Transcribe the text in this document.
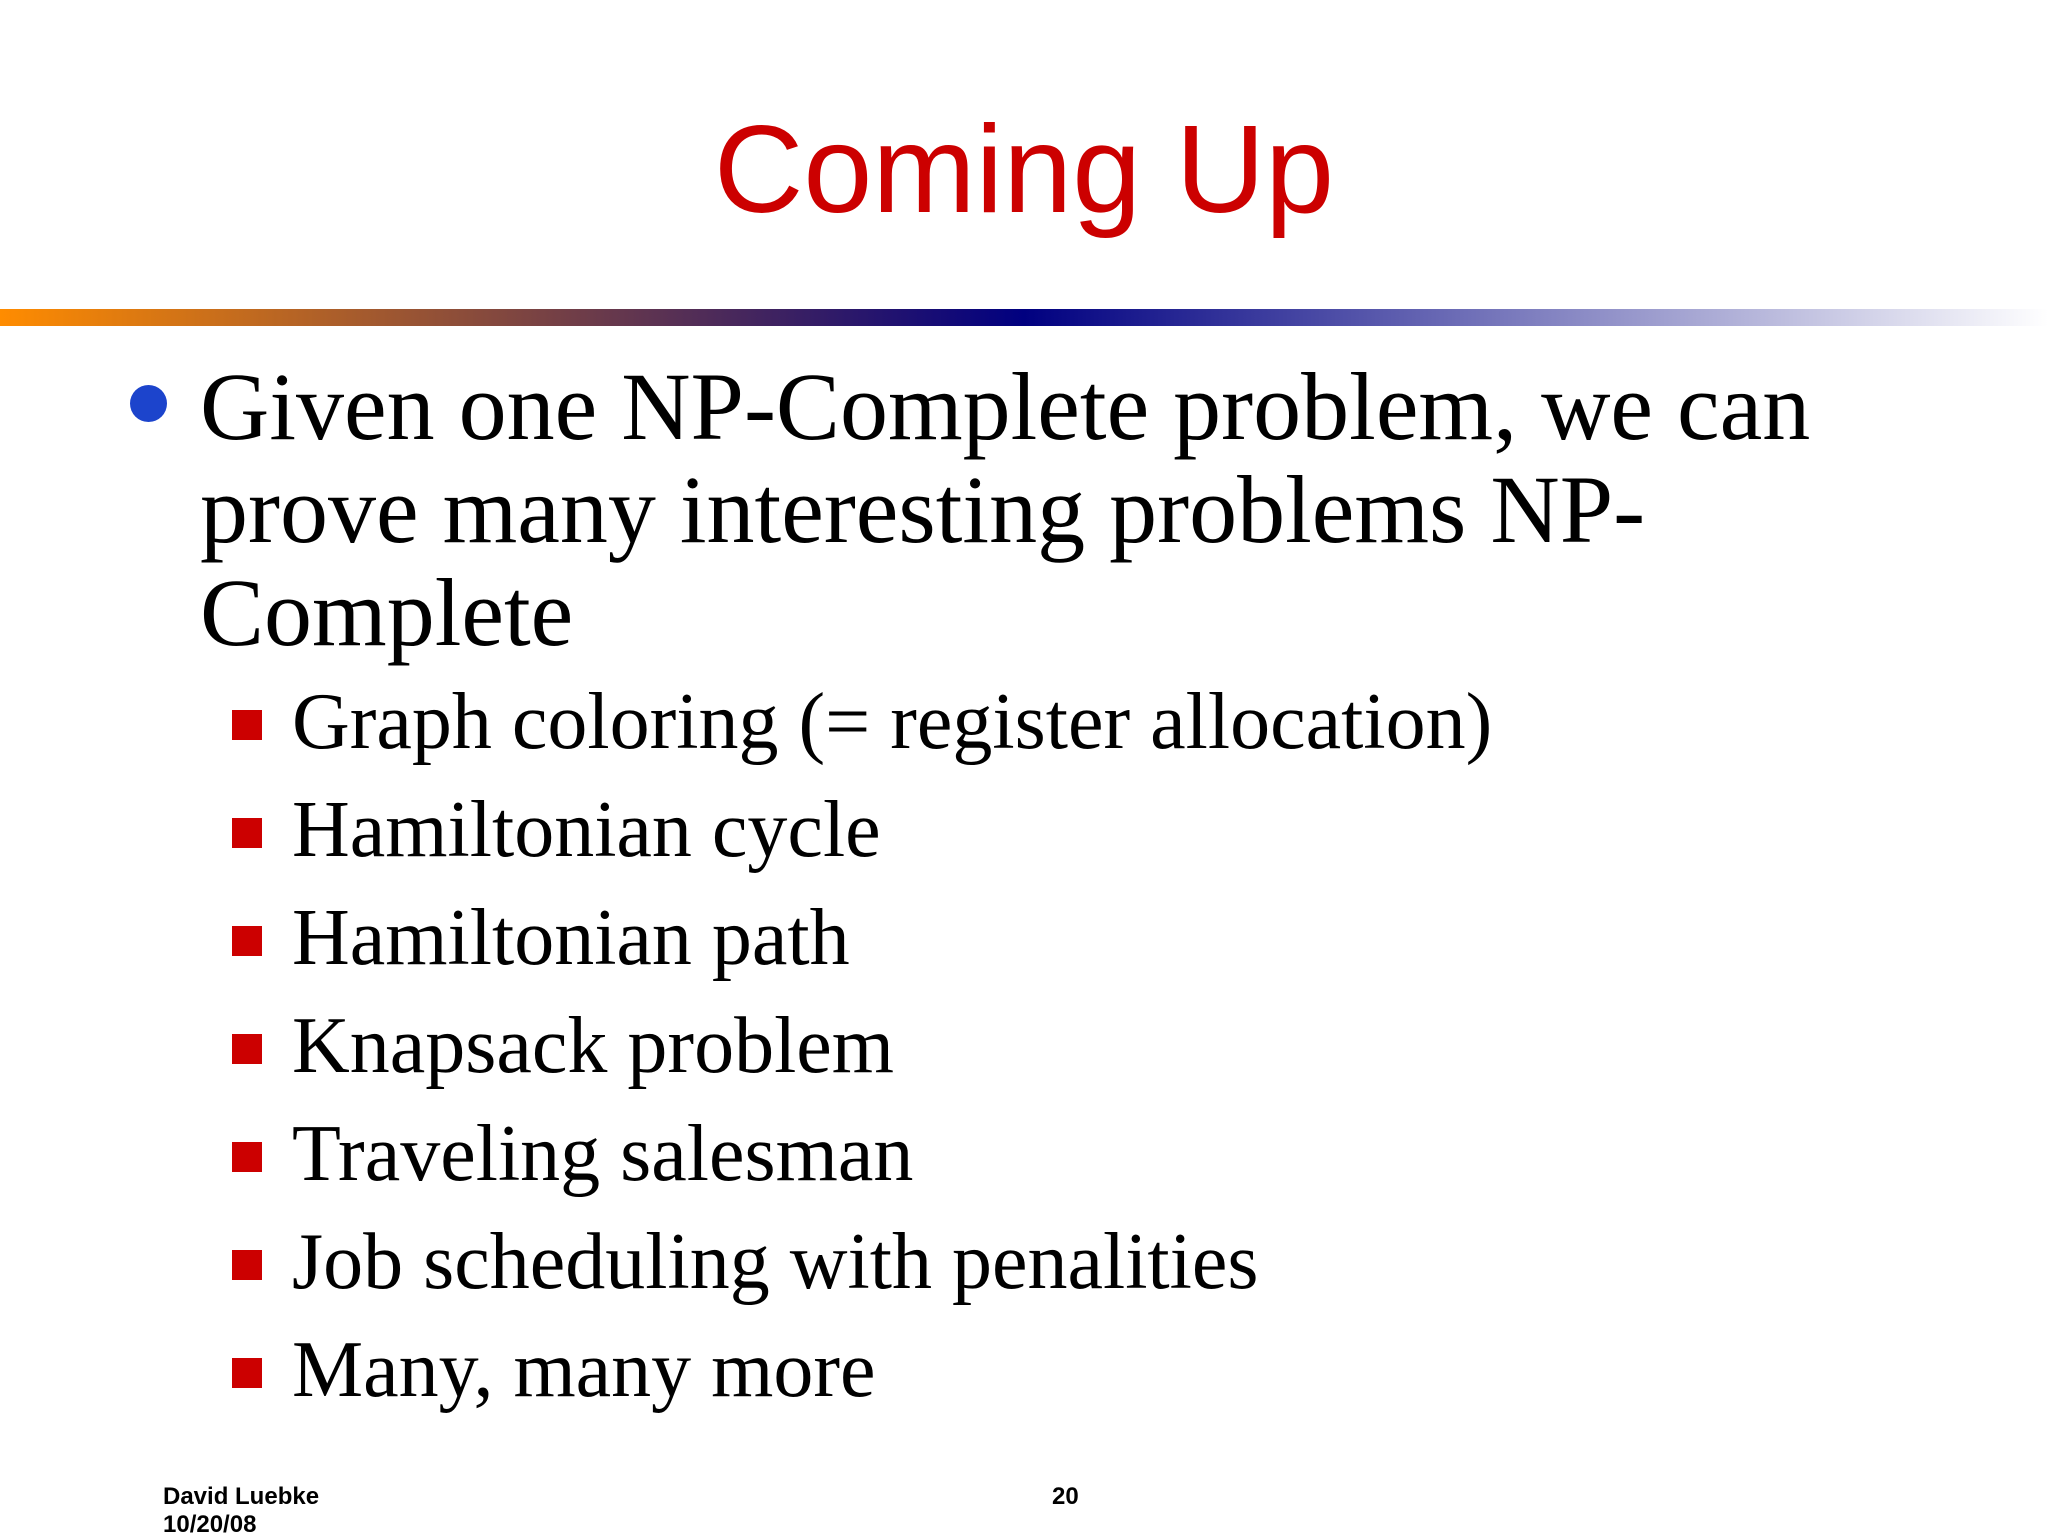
Coming Up

Given one NP-Complete problem, we can prove many interesting problems NP-Complete

Graph coloring (= register allocation)
Hamiltonian cycle
Hamiltonian path
Knapsack problem
Traveling salesman
Job scheduling with penalities
Many, many more
David Luebke
10/20/08
20
